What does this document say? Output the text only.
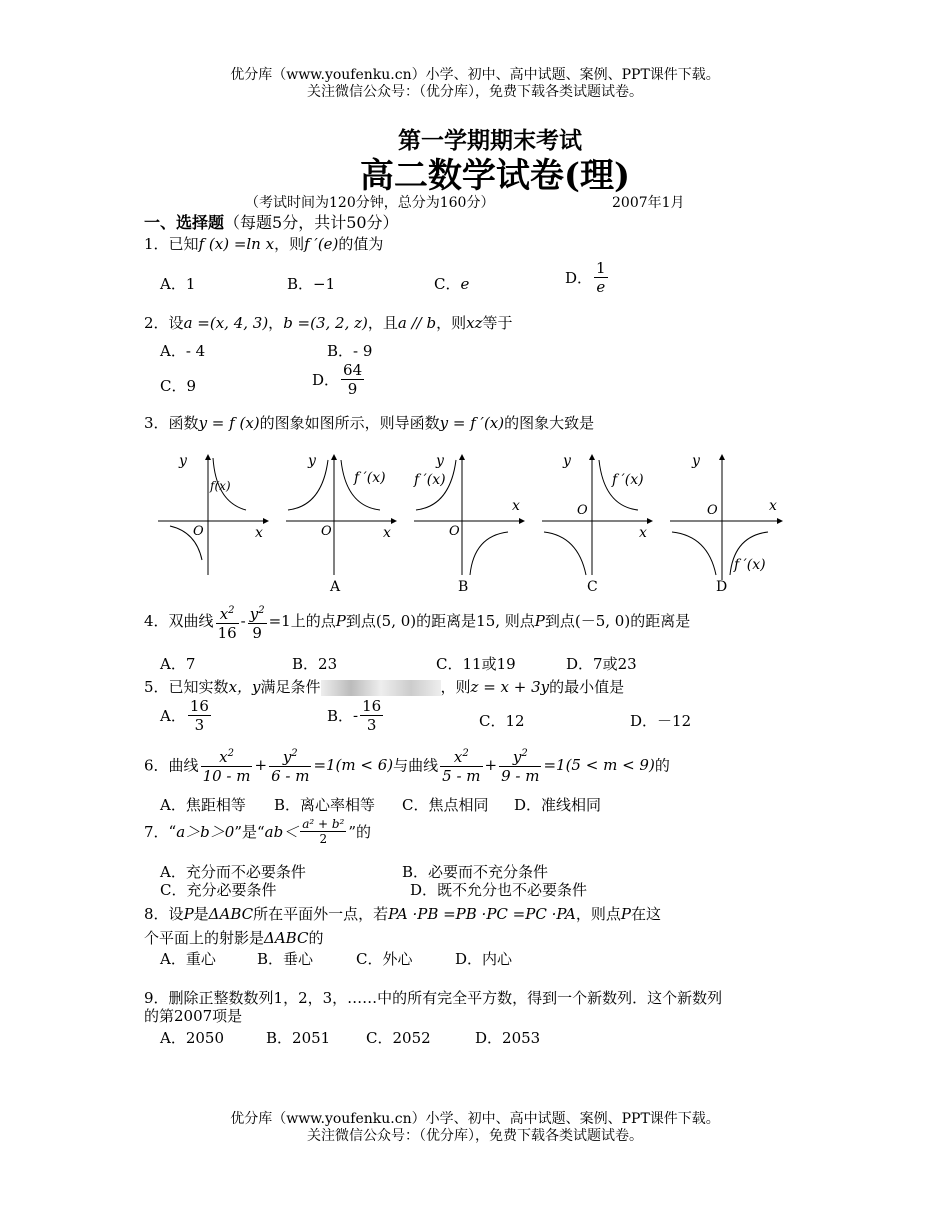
优分库（www.youfenku.cn）小学、初中、高中试题、案例、PPT课件下载。
关注微信公众号：（优分库），免费下载各类试题试卷。
第一学期期末考试
高二数学试卷(理)
（考试时间为120分钟，总分为160分）	2007年1月
一、选择题（每题5分，共计50分）
1．已知f (x) =ln x，则f ′(e)的值为
A．1	B．−1	C．e	D． $\frac{1}{e}$
2．设a =(x, 4, 3)，b =(3, 2, z)，且a // b，则xz等于
A．- 4	B．- 9
C．9	D． $\frac{64}{9}$
3．函数y = f (x)的图象如图所示，则导函数y = f ′(x)的图象大致是
y
x
O
f(x)
y
x
O
f ′(x)
A
y
x
O
f ′(x)
B
y
x
O
f ′(x)
C
y
x
O
f ′(x)
D
4．双曲线 $\frac{x^2}{16} - \frac{y^2}{9} =1$上的点P到点(5, 0)的距离是15, 则点P到点(－5, 0)的距离是
A．7	B．23	C．11或19	D．7或23
5．已知实数x，y满足条件	，则z = x + 3y的最小值是
A． $\frac{16}{3}$	B．- $\frac{16}{3}$	C．12	D．－12
6．曲线 $\frac{x^2}{10 - m} + \frac{y^2}{6 - m} =1(m < 6)$与曲线 $\frac{x^2}{5 - m} + \frac{y^2}{9 - m} =1(5 < m < 9)$的
A．焦距相等 B．离心率相等 C．焦点相同 D．准线相同
7．“a＞b＞0”是“$ab< \frac{\text{a² + b²}}{2}$ ”的
A．充分而不必要条件	B．必要而不充分条件
C．充分必要条件	D．既不允分也不必要条件
8．设P是ΔABC所在平面外一点，若PA ·PB =PB ·PC =PC ·PA，则点P在这
个平面上的射影是ΔABC的
A．重心	B．垂心	C．外心	D．内心
9．删除正整数数列1，2，3，……中的所有完全平方数，得到一个新数列．这个新数列
的第2007项是
A．2050	B．2051 C．2052	D．2053
优分库（www.youfenku.cn）小学、初中、高中试题、案例、PPT课件下载。
关注微信公众号：（优分库），免费下载各类试题试卷。
